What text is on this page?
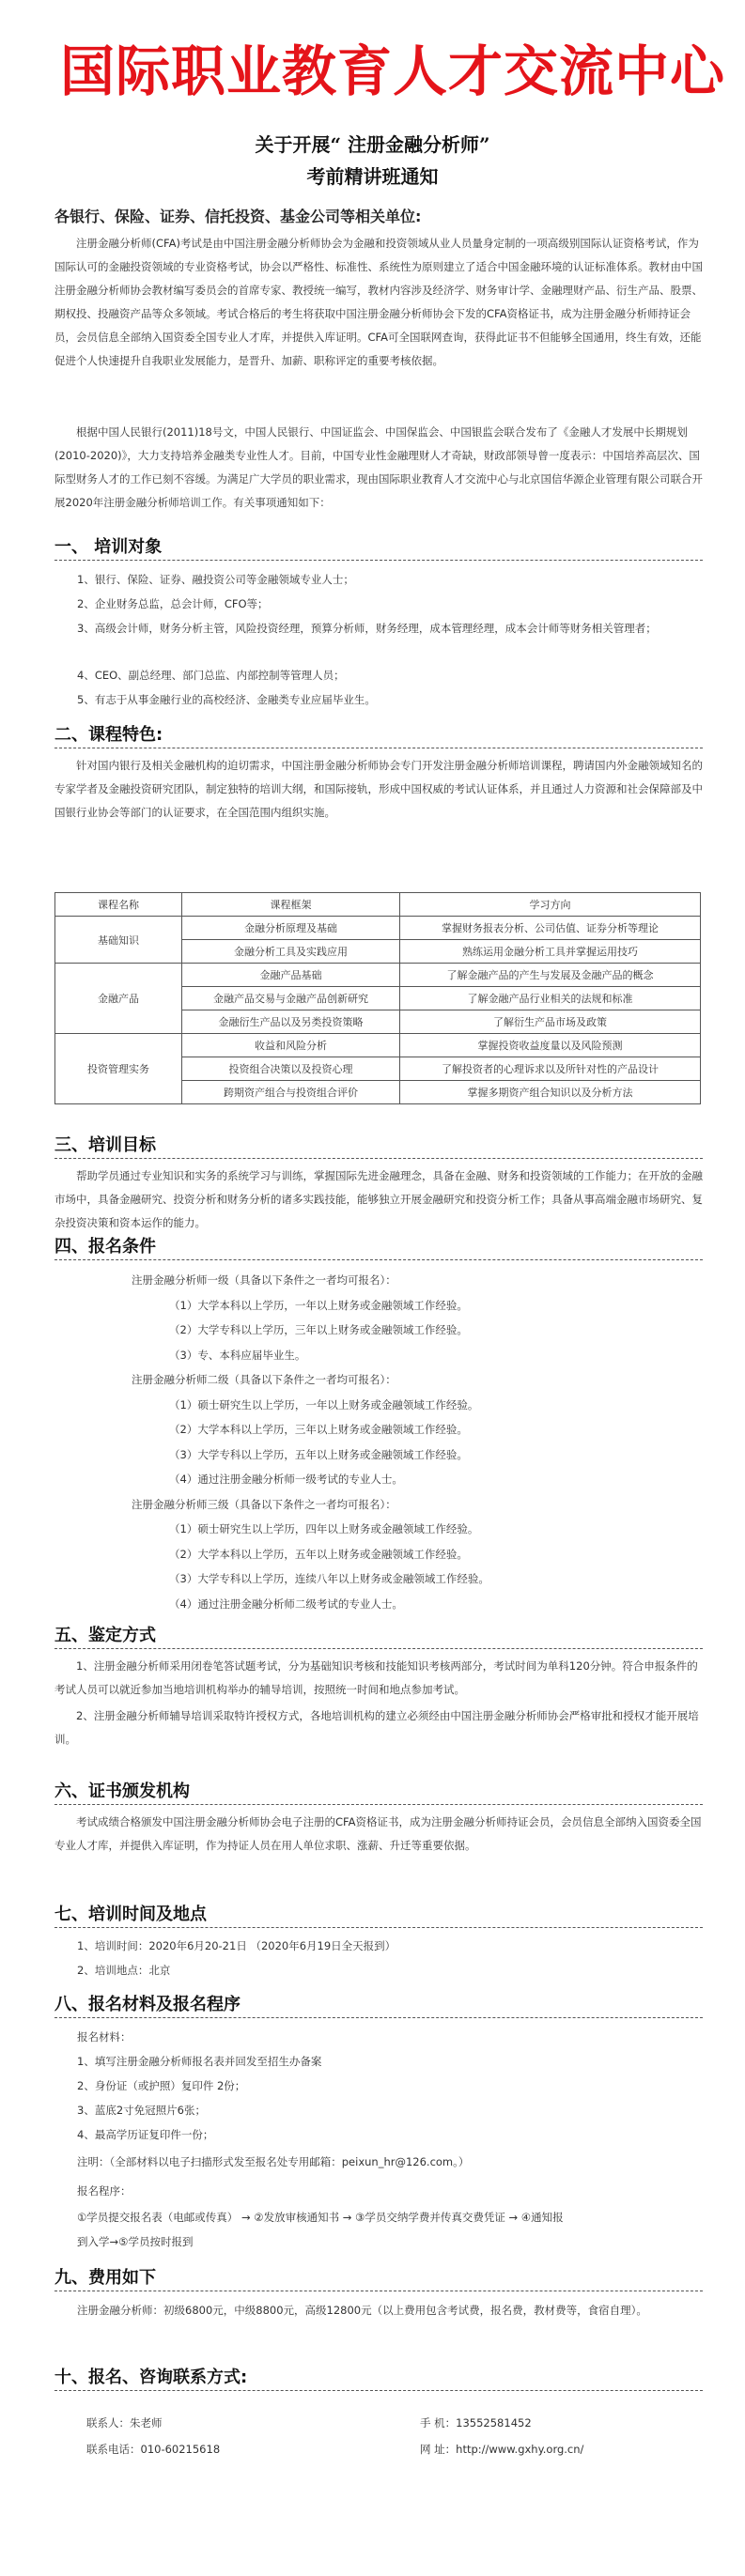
国际职业教育人才交流中心
关于开展“ 注册金融分析师”
考前精讲班通知
各银行、保险、证券、信托投资、基金公司等相关单位:
注册金融分析师(CFA)考试是由中国注册金融分析师协会为金融和投资领域从业人员量身定制的一项高级别国际认证资格考试，作为国际认可的金融投资领域的专业资格考试，协会以严格性、标准性、系统性为原则建立了适合中国金融环境的认证标准体系。教材由中国注册金融分析师协会教材编写委员会的首席专家、教授统一编写，教材内容涉及经济学、财务审计学、金融理财产品、衍生产品、股票、期权投、投融资产品等众多领域。考试合格后的考生将获取中国注册金融分析师协会下发的CFA资格证书，成为注册金融分析师持证会员，会员信息全部纳入国资委全国专业人才库，并提供入库证明。CFA可全国联网查询，获得此证书不但能够全国通用，终生有效，还能促进个人快速提升自我职业发展能力，是晋升、加薪、职称评定的重要考核依据。
根据中国人民银行(2011)18号文，中国人民银行、中国证监会、中国保监会、中国银监会联合发布了《金融人才发展中长期规划(2010-2020)》，大力支持培养金融类专业性人才。目前，中国专业性金融理财人才奇缺，财政部领导曾一度表示：中国培养高层次、国际型财务人才的工作已刻不容缓。为满足广大学员的职业需求，现由国际职业教育人才交流中心与北京国信华源企业管理有限公司联合开展2020年注册金融分析师培训工作。有关事项通知如下：
一、 培训对象
1、银行、保险、证券、融投资公司等金融领域专业人士；
2、企业财务总监，总会计师，CFO等；
3、高级会计师，财务分析主管，风险投资经理，预算分析师，财务经理，成本管理经理，成本会计师等财务相关管理者；
4、CEO、副总经理、部门总监、内部控制等管理人员；
5、有志于从事金融行业的高校经济、金融类专业应届毕业生。
二、课程特色:
针对国内银行及相关金融机构的迫切需求，中国注册金融分析师协会专门开发注册金融分析师培训课程，聘请国内外金融领域知名的专家学者及金融投资研究团队，制定独特的培训大纲，和国际接轨，形成中国权威的考试认证体系，并且通过人力资源和社会保障部及中国银行业协会等部门的认证要求，在全国范围内组织实施。
课程名称	课程框架	学习方向
基础知识	金融分析原理及基础	掌握财务报表分析、公司估值、证券分析等理论
	金融分析工具及实践应用	熟练运用金融分析工具并掌握运用技巧
金融产品	金融产品基础	了解金融产品的产生与发展及金融产品的概念
	金融产品交易与金融产品创新研究	了解金融产品行业相关的法规和标准
	金融衍生产品以及另类投资策略	了解衍生产品市场及政策
投资管理实务	收益和风险分析	掌握投资收益度量以及风险预测
	投资组合决策以及投资心理	了解投资者的心理诉求以及所针对性的产品设计
	跨期资产组合与投资组合评价	掌握多期资产组合知识以及分析方法
三、培训目标
帮助学员通过专业知识和实务的系统学习与训练，掌握国际先进金融理念，具备在金融、财务和投资领域的工作能力；在开放的金融市场中，具备金融研究、投资分析和财务分析的诸多实践技能，能够独立开展金融研究和投资分析工作；具备从事高端金融市场研究、复杂投资决策和资本运作的能力。
四、报名条件
注册金融分析师一级（具备以下条件之一者均可报名）：
（1）大学本科以上学历，一年以上财务或金融领域工作经验。
（2）大学专科以上学历，三年以上财务或金融领域工作经验。
（3）专、本科应届毕业生。
注册金融分析师二级（具备以下条件之一者均可报名）：
（1）硕士研究生以上学历，一年以上财务或金融领域工作经验。
（2）大学本科以上学历，三年以上财务或金融领域工作经验。
（3）大学专科以上学历，五年以上财务或金融领域工作经验。
（4）通过注册金融分析师一级考试的专业人士。
注册金融分析师三级（具备以下条件之一者均可报名）：
（1）硕士研究生以上学历，四年以上财务或金融领域工作经验。
（2）大学本科以上学历，五年以上财务或金融领域工作经验。
（3）大学专科以上学历，连续八年以上财务或金融领域工作经验。
（4）通过注册金融分析师二级考试的专业人士。
五、鉴定方式
1、注册金融分析师采用闭卷笔答试题考试，分为基础知识考核和技能知识考核两部分，考试时间为单科120分钟。符合申报条件的考试人员可以就近参加当地培训机构举办的辅导培训，按照统一时间和地点参加考试。
2、注册金融分析师辅导培训采取特许授权方式，各地培训机构的建立必须经由中国注册金融分析师协会严格审批和授权才能开展培训。
六、证书颁发机构
考试成绩合格颁发中国注册金融分析师协会电子注册的CFA资格证书，成为注册金融分析师持证会员，会员信息全部纳入国资委全国专业人才库，并提供入库证明，作为持证人员在用人单位求职、涨薪、升迁等重要依据。
七、培训时间及地点
1、培训时间：2020年6月20-21日 （2020年6月19日全天报到）
2、培训地点：北京
八、报名材料及报名程序
报名材料：
1、填写注册金融分析师报名表并回发至招生办备案
2、身份证（或护照）复印件 2份；
3、蓝底2寸免冠照片6张；
4、最高学历证复印件一份；
注明：（全部材料以电子扫描形式发至报名处专用邮箱：peixun_hr@126.com。）
报名程序：
①学员提交报名表（电邮或传真） → ②发放审核通知书 → ③学员交纳学费并传真交费凭证 → ④通知报
到入学→⑤学员按时报到
九、费用如下
注册金融分析师：初级6800元，中级8800元，高级12800元（以上费用包含考试费，报名费，教材费等，食宿自理）。
十、报名、咨询联系方式:
联系人：朱老师	手 机：13552581452
联系电话：010-60215618	网 址：http://www.gxhy.org.cn/
